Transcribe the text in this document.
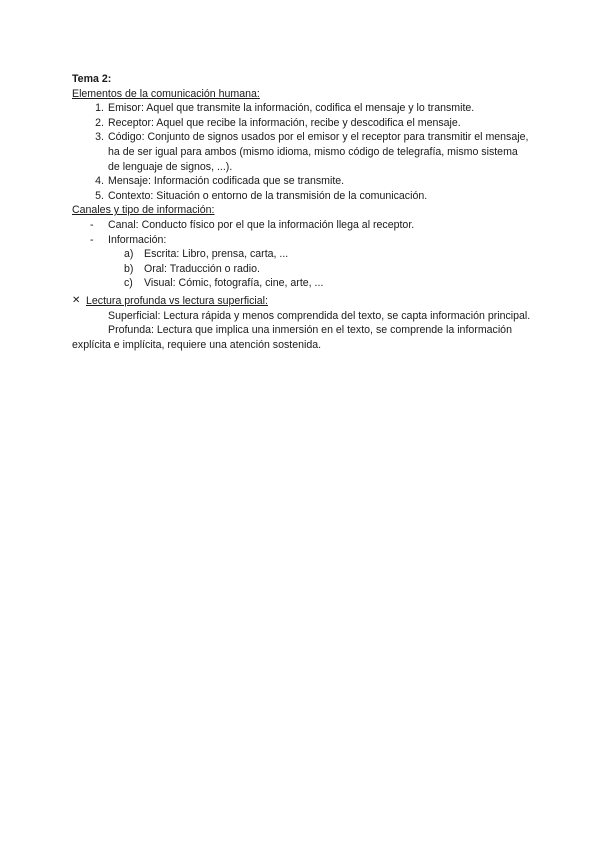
Tema 2:
Elementos de la comunicación humana:
1. Emisor: Aquel que transmite la información, codifica el mensaje y lo transmite.
2. Receptor: Aquel que recibe la información, recibe y descodifica el mensaje.
3. Código: Conjunto de signos usados por el emisor y el receptor para transmitir el mensaje, ha de ser igual para ambos (mismo idioma, mismo código de telegrafía, mismo sistema de lenguaje de signos, ...).
4. Mensaje: Información codificada que se transmite.
5. Contexto: Situación o entorno de la transmisión de la comunicación.
Canales y tipo de información:
- Canal: Conducto físico por el que la información llega al receptor.
- Información:
a) Escrita: Libro, prensa, carta, ...
b) Oral: Traducción o radio.
c) Visual: Cómic, fotografía, cine, arte, ...
✕ Lectura profunda vs lectura superficial:

Superficial: Lectura rápida y menos comprendida del texto, se capta información principal.

Profunda: Lectura que implica una inmersión en el texto, se comprende la información explícita e implícita, requiere una atención sostenida.
